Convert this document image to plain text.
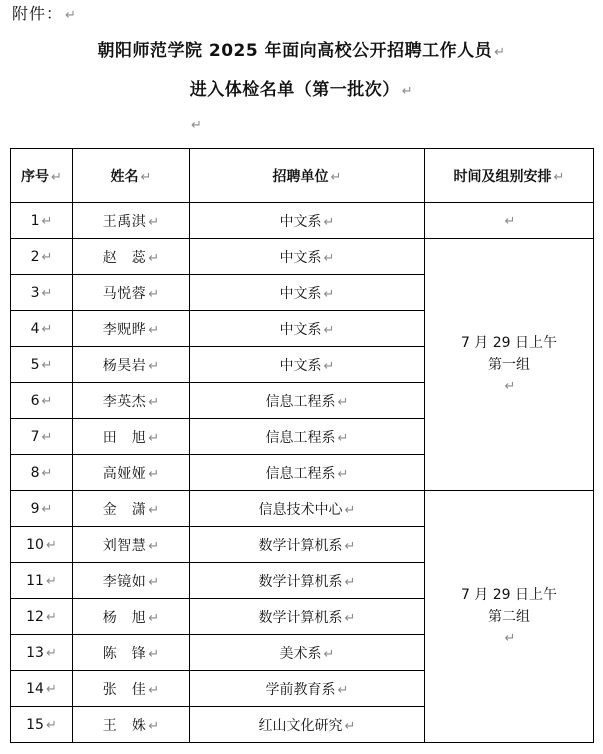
附件： ↵
朝阳师范学院 2025 年面向高校公开招聘工作人员 ↵
进入体检名单（第一批次） ↵
↵
序号 ↵	姓名 ↵	招聘单位 ↵	时间及组别安排 ↵
1 ↵	王禹淇 ↵	中文系 ↵	↵
2 ↵	赵　蕊 ↵	中文系 ↵	7 月 29 日上午
第一组
↵

3 ↵	马悦蓉 ↵	中文系 ↵	
4 ↵	李贶晔 ↵	中文系 ↵	
5 ↵	杨昊岩 ↵	中文系 ↵	
6 ↵	李英杰 ↵	信息工程系 ↵	
7 ↵	田　旭 ↵	信息工程系 ↵	
8 ↵	高娅娅 ↵	信息工程系 ↵	
9 ↵	金　潇 ↵	信息技术中心 ↵	7 月 29 日上午
第二组
↵

10 ↵	刘智慧 ↵	数学计算机系 ↵	
11 ↵	李镜如 ↵	数学计算机系 ↵	
12 ↵	杨　旭 ↵	数学计算机系 ↵	
13 ↵	陈　锋 ↵	美术系 ↵	
14 ↵	张　佳 ↵	学前教育系 ↵	
15 ↵	王　姝 ↵	红山文化研究 ↵	
